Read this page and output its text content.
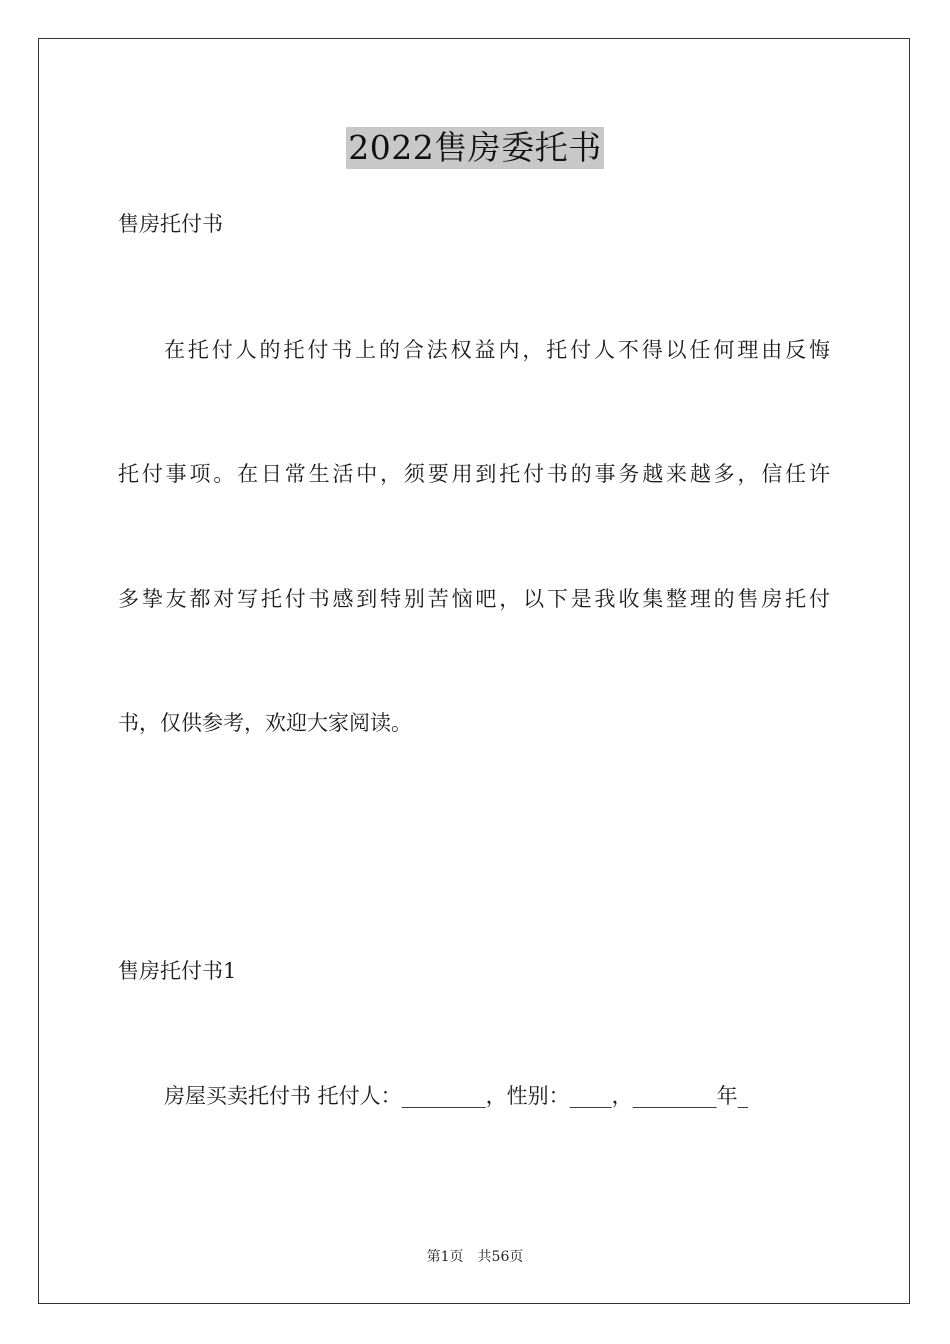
2022售房委托书
售房托付书
在托付人的托付书上的合法权益内，托付人不得以任何理由反悔
托付事项。在日常生活中，须要用到托付书的事务越来越多，信任许
多挚友都对写托付书感到特别苦恼吧，以下是我收集整理的售房托付
书，仅供参考，欢迎大家阅读。
售房托付书1
房屋买卖托付书 托付人：________，性别：____，________年_
第1页 共56页
